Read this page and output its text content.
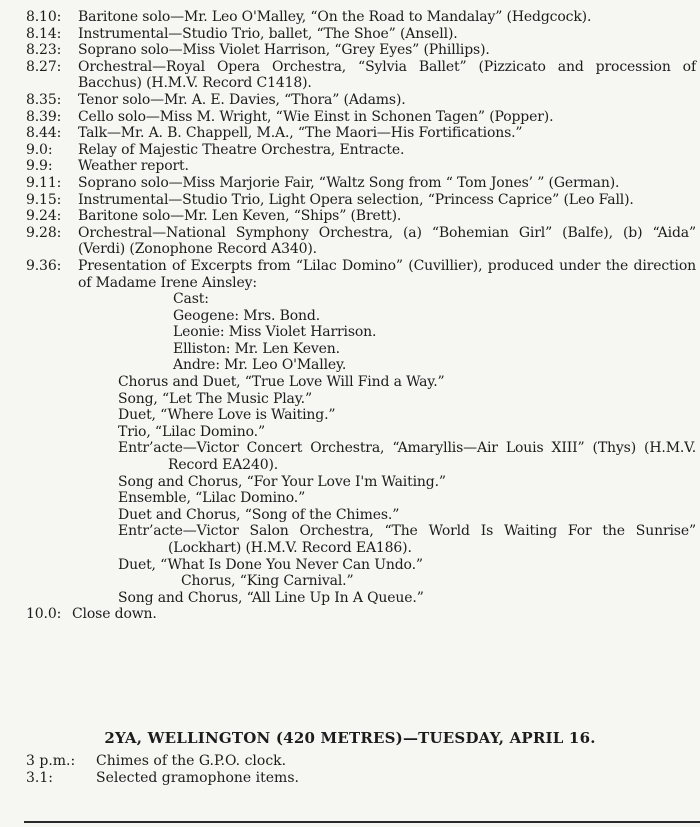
8.10: Baritone solo—Mr. Leo O'Malley, “On the Road to Mandalay” (Hedgcock).
8.14: Instrumental—Studio Trio, ballet, “The Shoe” (Ansell).
8.23: Soprano solo—Miss Violet Harrison, “Grey Eyes” (Phillips).
8.27: Orchestral—Royal Opera Orchestra, “Sylvia Ballet” (Pizzicato and procession of Bacchus) (H.M.V. Record C1418).
8.35: Tenor solo—Mr. A. E. Davies, “Thora” (Adams).
8.39: Cello solo—Miss M. Wright, “Wie Einst in Schonen Tagen” (Popper).
8.44: Talk—Mr. A. B. Chappell, M.A., “The Maori—His Fortifications.”
9.0: Relay of Majestic Theatre Orchestra, Entracte.
9.9: Weather report.
9.11: Soprano solo—Miss Marjorie Fair, “Waltz Song from “ Tom Jones’ ” (German).
9.15: Instrumental—Studio Trio, Light Opera selection, “Princess Caprice” (Leo Fall).
9.24: Baritone solo—Mr. Len Keven, “Ships” (Brett).
9.28: Orchestral—National Symphony Orchestra, (a) “Bohemian Girl” (Balfe), (b) “Aida” (Verdi) (Zonophone Record A340).
9.36: Presentation of Excerpts from “Lilac Domino” (Cuvillier), produced under the direction of Madame Irene Ainsley:
Cast:
Geogene: Mrs. Bond.
Leonie: Miss Violet Harrison.
Elliston: Mr. Len Keven.
Andre: Mr. Leo O'Malley.
Chorus and Duet, “True Love Will Find a Way.”
Song, “Let The Music Play.”
Duet, “Where Love is Waiting.”
Trio, “Lilac Domino.”
Entr’acte—Victor Concert Orchestra, “Amaryllis—Air Louis XIII” (Thys) (H.M.V. Record EA240).
Song and Chorus, “For Your Love I'm Waiting.”
Ensemble, “Lilac Domino.”
Duet and Chorus, “Song of the Chimes.”
Entr’acte—Victor Salon Orchestra, “The World Is Waiting For the Sunrise” (Lockhart) (H.M.V. Record EA186).
Duet, “What Is Done You Never Can Undo.”
Chorus, “King Carnival.”
Song and Chorus, “All Line Up In A Queue.”
10.0: Close down.
2YA, WELLINGTON (420 METRES)—TUESDAY, APRIL 16.
3 p.m.: Chimes of the G.P.O. clock.
3.1:	Selected gramophone items.
